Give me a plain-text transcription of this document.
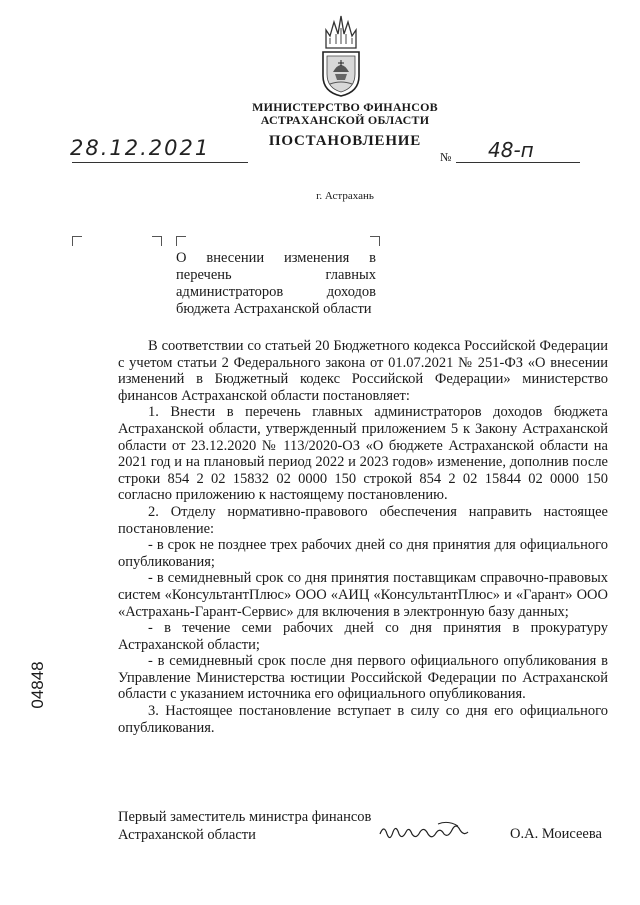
МИНИСТЕРСТВО ФИНАНСОВ
АСТРАХАНСКОЙ ОБЛАСТИ
ПОСТАНОВЛЕНИЕ
28.12.2021	№ 48-п
г. Астрахань
О внесении изменения в перечень главных администраторов доходов бюджета Астраханской области

В соответствии со статьей 20 Бюджетного кодекса Российской Федерации с учетом статьи 2 Федерального закона от 01.07.2021 № 251-ФЗ «О внесении изменений в Бюджетный кодекс Российской Федерации» министерство финансов Астраханской области постановляет:

1. Внести в перечень главных администраторов доходов бюджета Астраханской области, утвержденный приложением 5 к Закону Астраханской области от 23.12.2020 № 113/2020-ОЗ «О бюджете Астраханской области на 2021 год и на плановый период 2022 и 2023 годов» изменение, дополнив после строки 854 2 02 15832 02 0000 150 строкой 854 2 02 15844 02 0000 150 согласно приложению к настоящему постановлению.

2. Отделу нормативно-правового обеспечения направить настоящее постановление:

- в срок не позднее трех рабочих дней со дня принятия для официального опубликования;

- в семидневный срок со дня принятия поставщикам справочно-правовых систем «КонсультантПлюс» ООО «АИЦ «КонсультантПлюс» и «Гарант» ООО «Астрахань-Гарант-Сервис» для включения в электронную базу данных;

- в течение семи рабочих дней со дня принятия в прокуратуру Астраханской области;

- в семидневный срок после дня первого официального опубликования в Управление Министерства юстиции Российской Федерации по Астраханской области с указанием источника его официального опубликования.

3. Настоящее постановление вступает в силу со дня его официального опубликования.

04848
Первый заместитель министра финансов
Астраханской области	О.А. Моисеева
